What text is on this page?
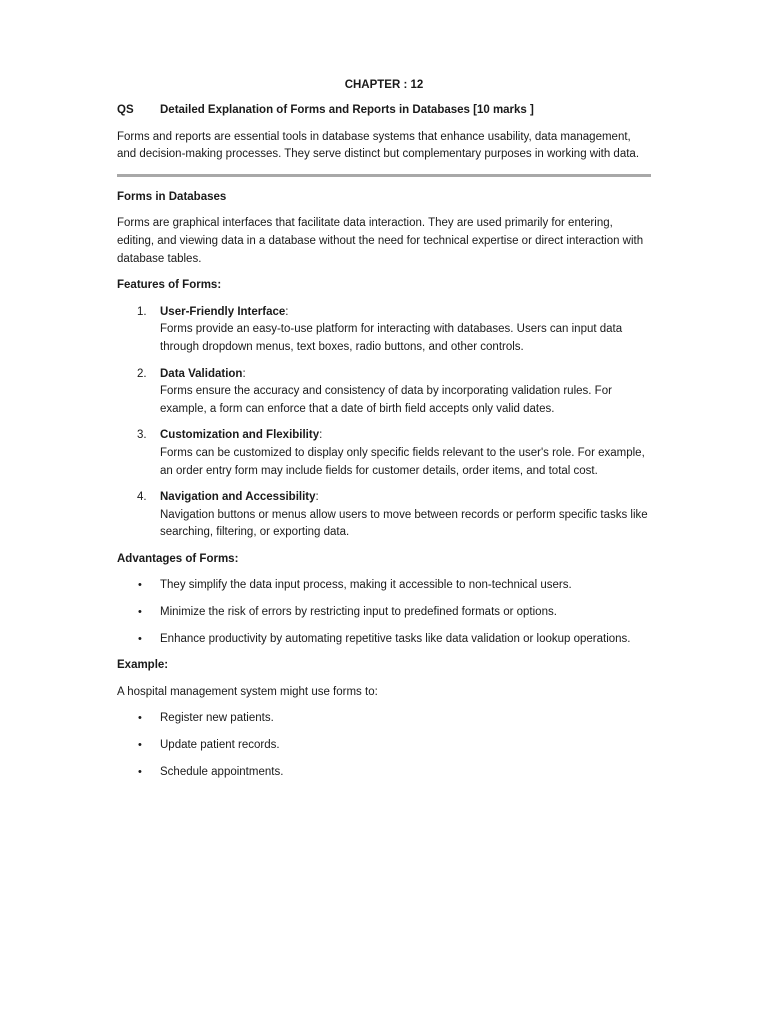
CHAPTER : 12
QS	Detailed Explanation of Forms and Reports in Databases [10 marks ]

Forms and reports are essential tools in database systems that enhance usability, data management, and decision-making processes. They serve distinct but complementary purposes in working with data.

Forms in Databases

Forms are graphical interfaces that facilitate data interaction. They are used primarily for entering, editing, and viewing data in a database without the need for technical expertise or direct interaction with database tables.

Features of Forms:
1. User-Friendly Interface:
Forms provide an easy-to-use platform for interacting with databases. Users can input data through dropdown menus, text boxes, radio buttons, and other controls.
2. Data Validation:
Forms ensure the accuracy and consistency of data by incorporating validation rules. For example, a form can enforce that a date of birth field accepts only valid dates.
3. Customization and Flexibility:
Forms can be customized to display only specific fields relevant to the user's role. For example, an order entry form may include fields for customer details, order items, and total cost.
4. Navigation and Accessibility:
Navigation buttons or menus allow users to move between records or perform specific tasks like searching, filtering, or exporting data.
Advantages of Forms:
• They simplify the data input process, making it accessible to non-technical users.
• Minimize the risk of errors by restricting input to predefined formats or options.
• Enhance productivity by automating repetitive tasks like data validation or lookup operations.
Example:

A hospital management system might use forms to:

• Register new patients.
• Update patient records.
• Schedule appointments.
